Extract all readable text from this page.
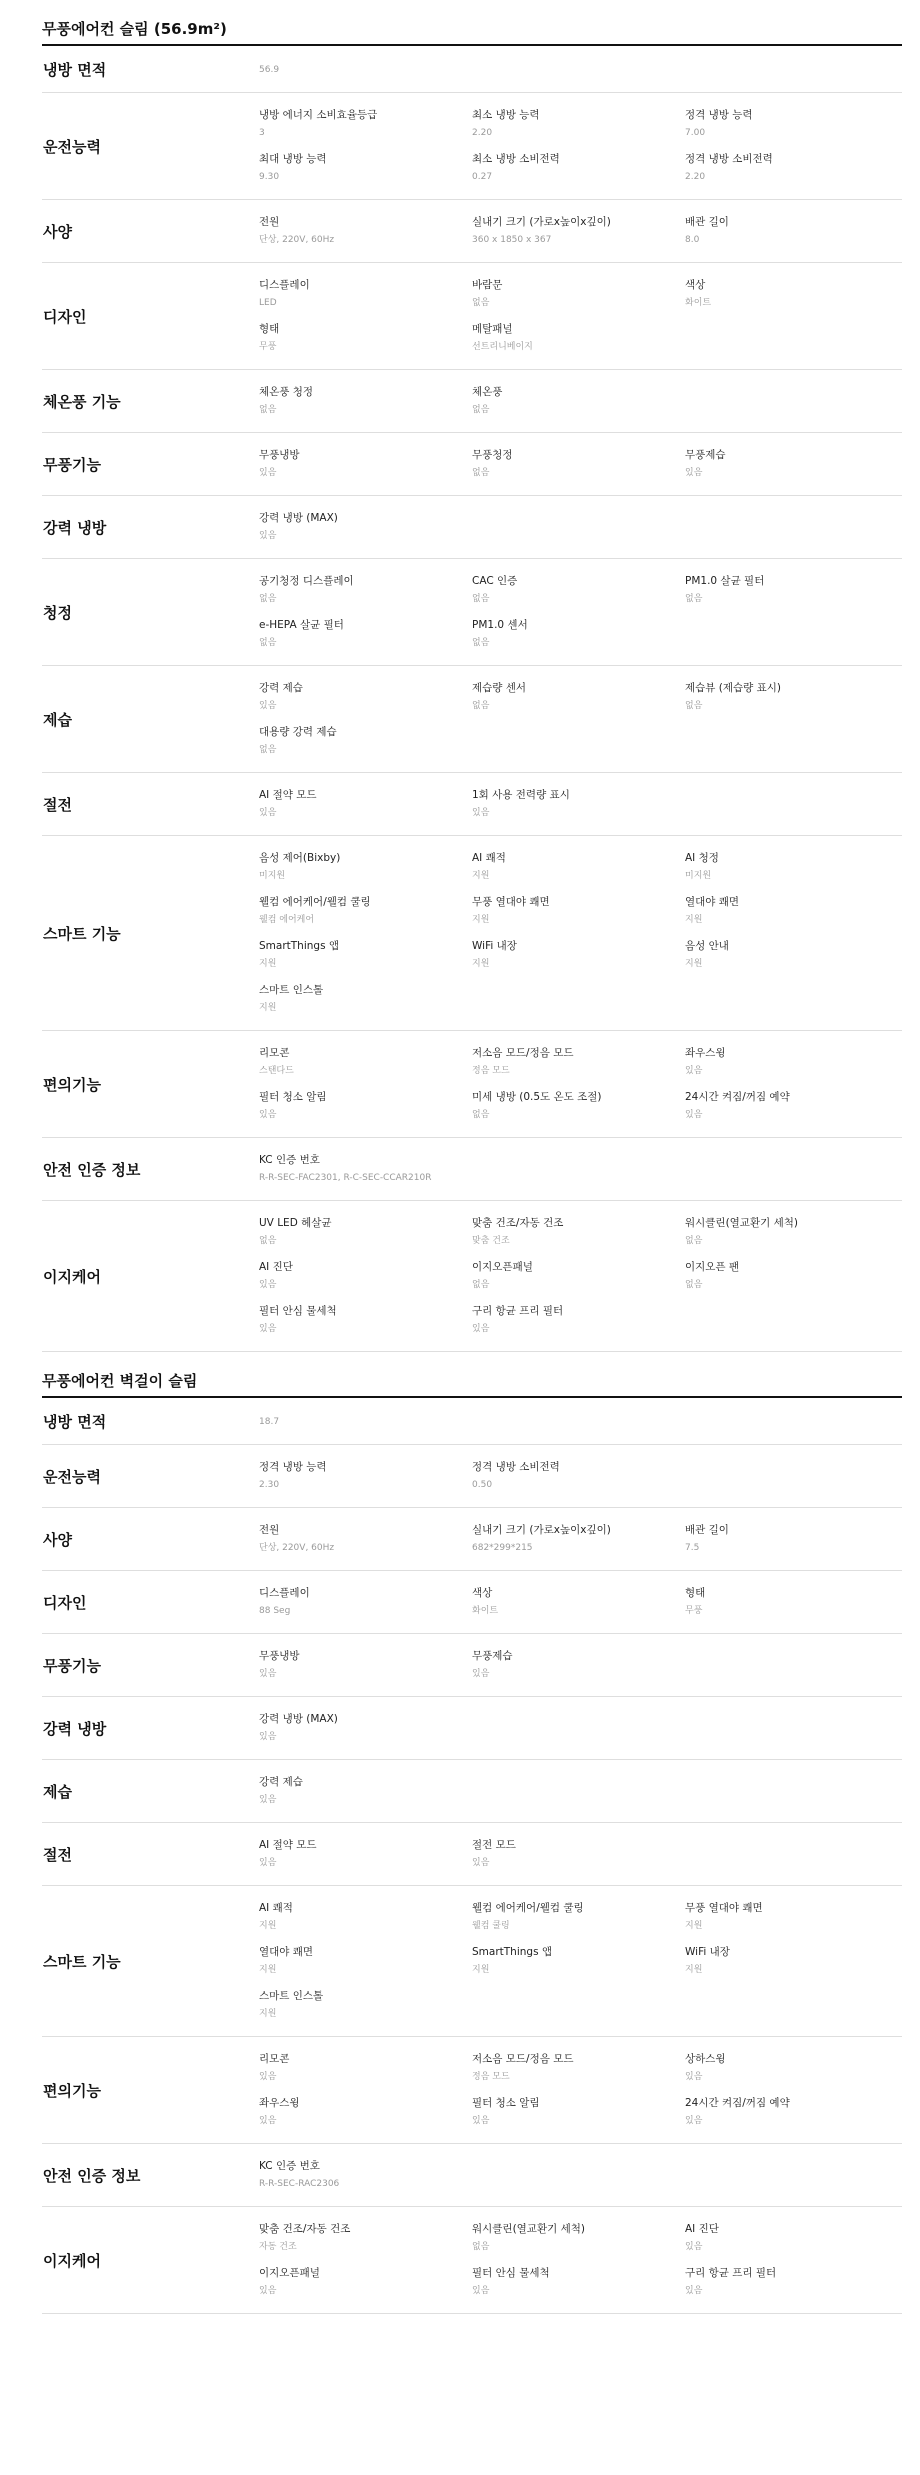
무풍에어컨 슬림 (56.9m²)
냉방 면적	56.9
운전능력
냉방 에너지 소비효율등급
3
최소 냉방 능력
2.20
정격 냉방 능력
7.00
최대 냉방 능력
9.30
최소 냉방 소비전력
0.27
정격 냉방 소비전력
2.20
사양
전원
단상, 220V, 60Hz
실내기 크기 (가로x높이x깊이)
360 x 1850 x 367
배관 길이
8.0
디자인
디스플레이
LED
바람문
없음
색상
화이트
형태
무풍
메탈패널
선트리니베이지
체온풍 기능
체온풍 청정
없음
체온풍
없음
무풍기능
무풍냉방
있음
무풍청정
없음
무풍제습
있음
강력 냉방
강력 냉방 (MAX)
있음
청정
공기청정 디스플레이
없음
CAC 인증
없음
PM1.0 살균 필터
없음
e-HEPA 살균 필터
없음
PM1.0 센서
없음
제습
강력 제습
있음
제습량 센서
없음
제습뷰 (제습량 표시)
없음
대용량 강력 제습
없음
절전
AI 절약 모드
있음
1회 사용 전력량 표시
있음
스마트 기능
음성 제어(Bixby)
미지원
AI 쾌적
지원
AI 청정
미지원
웰컴 에어케어/웰컴 쿨링
웰컴 에어케어
무풍 열대야 쾌면
지원
열대야 쾌면
지원
SmartThings 앱
지원
WiFi 내장
지원
음성 안내
지원
스마트 인스톨
지원
편의기능
리모콘
스탠다드
저소음 모드/정음 모드
정음 모드
좌우스윙
있음
필터 청소 알림
있음
미세 냉방 (0.5도 온도 조절)
없음
24시간 켜짐/꺼짐 예약
있음
안전 인증 정보
KC 인증 번호
R-R-SEC-FAC2301, R-C-SEC-CCAR210R
이지케어
UV LED 헤살균
없음
맞춤 건조/자동 건조
맞춤 건조
워시클린(열교환기 세척)
없음
AI 진단
있음
이지오픈패널
없음
이지오픈 팬
없음
필터 안심 물세척
있음
구리 항균 프리 필터
있음
무풍에어컨 벽걸이 슬림
냉방 면적	18.7
운전능력
정격 냉방 능력
2.30
정격 냉방 소비전력
0.50
사양
전원
단상, 220V, 60Hz
실내기 크기 (가로x높이x깊이)
682*299*215
배관 길이
7.5
디자인
디스플레이
88 Seg
색상
화이트
형태
무풍
무풍기능
무풍냉방
있음
무풍제습
있음
강력 냉방
강력 냉방 (MAX)
있음
제습
강력 제습
있음
절전
AI 절약 모드
있음
절전 모드
있음
스마트 기능
AI 쾌적
지원
웰컴 에어케어/웰컴 쿨링
웰컴 쿨링
무풍 열대야 쾌면
지원
열대야 쾌면
지원
SmartThings 앱
지원
WiFi 내장
지원
스마트 인스톨
지원
편의기능
리모콘
있음
저소음 모드/정음 모드
정음 모드
상하스윙
있음
좌우스윙
있음
필터 청소 알림
있음
24시간 켜짐/꺼짐 예약
있음
안전 인증 정보
KC 인증 번호
R-R-SEC-RAC2306
이지케어
맞춤 건조/자동 건조
자동 건조
워시클린(열교환기 세척)
없음
AI 진단
있음
이지오픈패널
있음
필터 안심 물세척
있음
구리 항균 프리 필터
있음
